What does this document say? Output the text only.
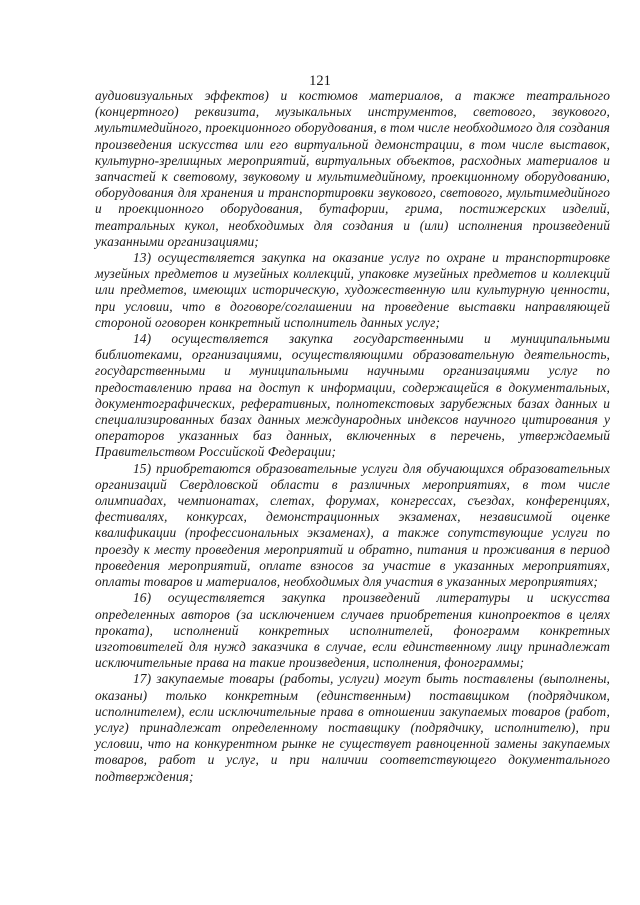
121

аудиовизуальных эффектов) и костюмов материалов, а также театрального (концертного) реквизита, музыкальных инструментов, светового, звукового, мультимедийного, проекционного оборудования, в том числе необходимого для создания произведения искусства или его виртуальной демонстрации, в том числе выставок, культурно-зрелищных мероприятий, виртуальных объектов, расходных материалов и запчастей к световому, звуковому и мультимедийному, проекционному оборудованию, оборудования для хранения и транспортировки звукового, светового, мультимедийного и проекционного оборудования, бутафории, грима, постижерских изделий, театральных кукол, необходимых для создания и (или) исполнения произведений указанными организациями;

13) осуществляется закупка на оказание услуг по охране и транспортировке музейных предметов и музейных коллекций, упаковке музейных предметов и коллекций или предметов, имеющих историческую, художественную или культурную ценности, при условии, что в договоре/соглашении на проведение выставки направляющей стороной оговорен конкретный исполнитель данных услуг;

14) осуществляется закупка государственными и муниципальными библиотеками, организациями, осуществляющими образовательную деятельность, государственными и муниципальными научными организациями услуг по предоставлению права на доступ к информации, содержащейся в документальных, документографических, реферативных, полнотекстовых зарубежных базах данных и специализированных базах данных международных индексов научного цитирования у операторов указанных баз данных, включенных в перечень, утверждаемый Правительством Российской Федерации;

15) приобретаются образовательные услуги для обучающихся образовательных организаций Свердловской области в различных мероприятиях, в том числе олимпиадах, чемпионатах, слетах, форумах, конгрессах, съездах, конференциях, фестивалях, конкурсах, демонстрационных экзаменах, независимой оценке квалификации (профессиональных экзаменах), а также сопутствующие услуги по проезду к месту проведения мероприятий и обратно, питания и проживания в период проведения мероприятий, оплате взносов за участие в указанных мероприятиях, оплаты товаров и материалов, необходимых для участия в указанных мероприятиях;

16) осуществляется закупка произведений литературы и искусства определенных авторов (за исключением случаев приобретения кинопроектов в целях проката), исполнений конкретных исполнителей, фонограмм конкретных изготовителей для нужд заказчика в случае, если единственному лицу принадлежат исключительные права на такие произведения, исполнения, фонограммы;

17) закупаемые товары (работы, услуги) могут быть поставлены (выполнены, оказаны) только конкретным (единственным) поставщиком (подрядчиком, исполнителем), если исключительные права в отношении закупаемых товаров (работ, услуг) принадлежат определенному поставщику (подрядчику, исполнителю), при условии, что на конкурентном рынке не существует равноценной замены закупаемых товаров, работ и услуг, и при наличии соответствующего документального подтверждения;
